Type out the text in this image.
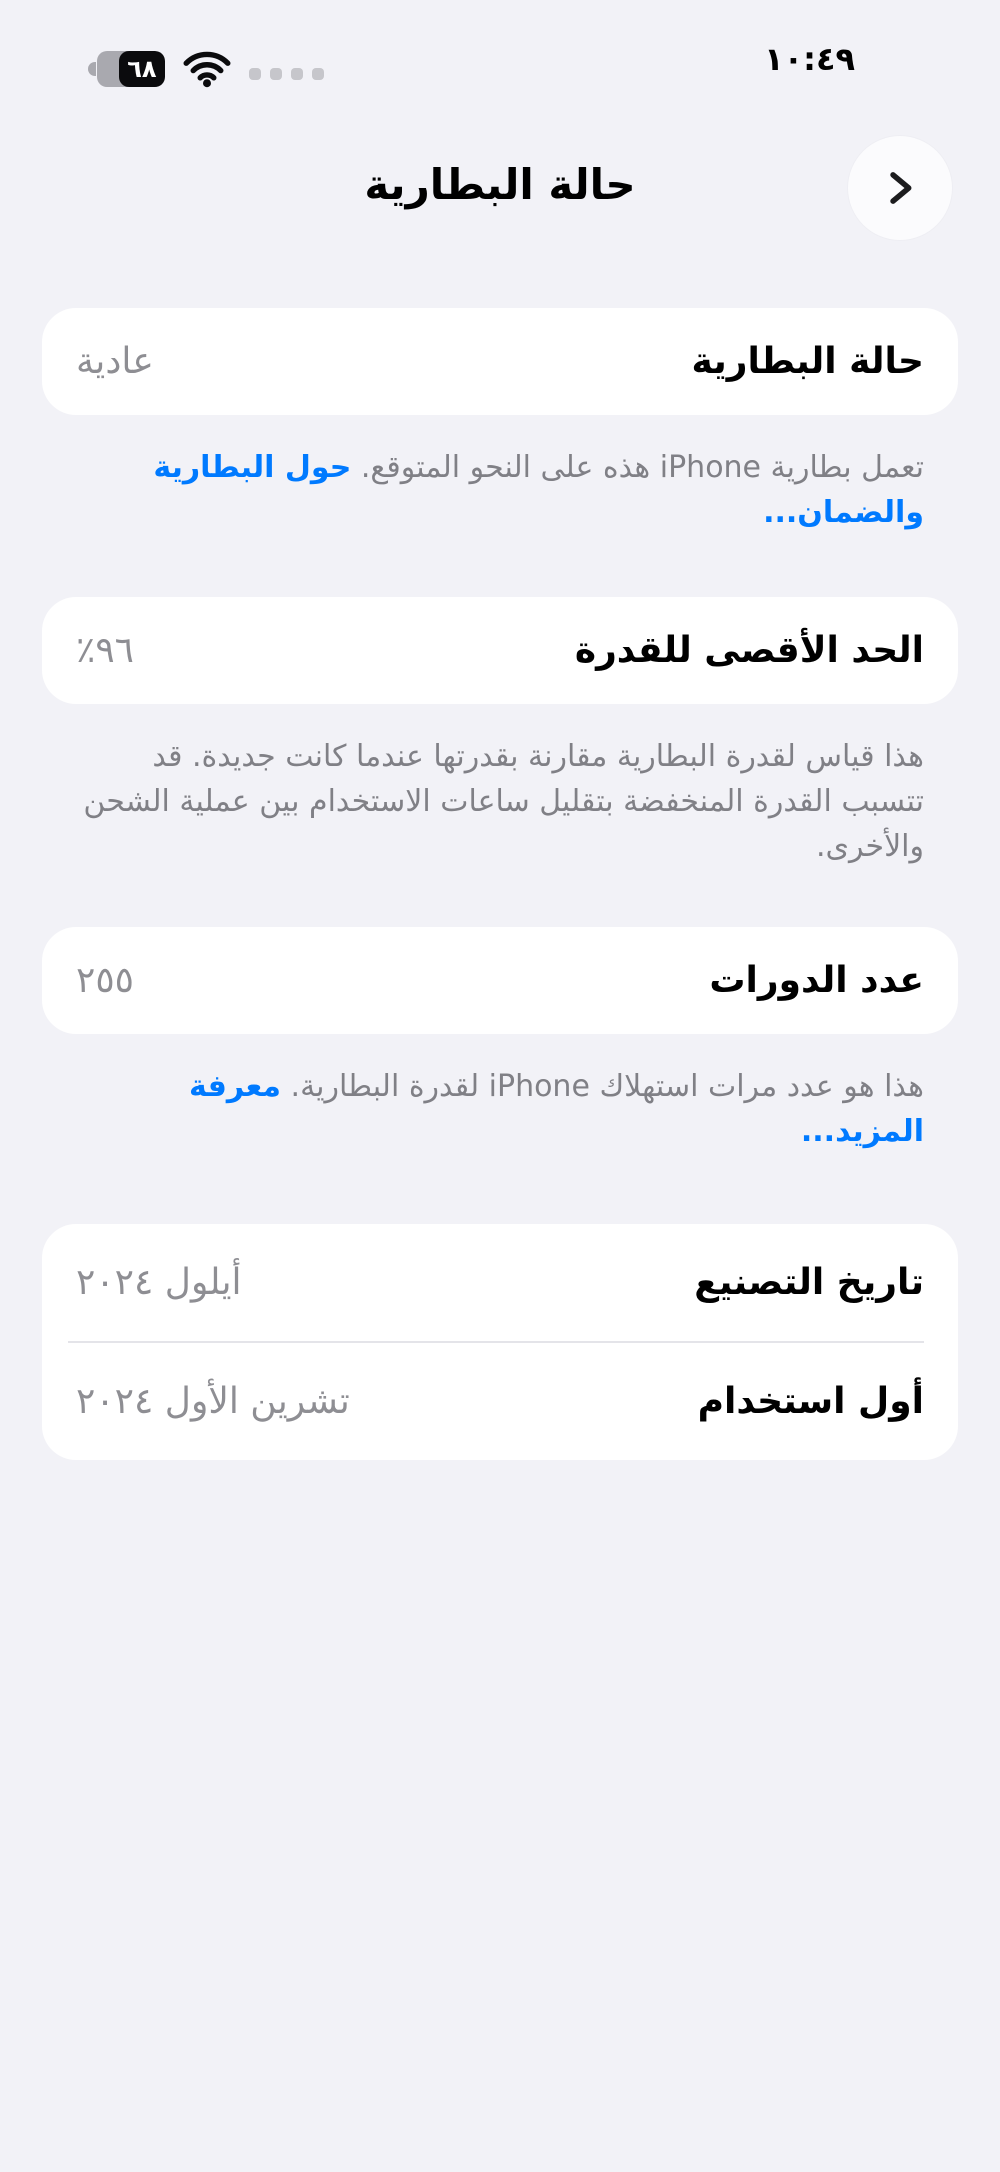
١٠:٤٩
٦٨
حالة البطارية
حالة البطارية
عادية
تعمل بطارية iPhone هذه على النحو المتوقع. حول البطارية والضمان...
الحد الأقصى للقدرة
٩٦٪
هذا قياس لقدرة البطارية مقارنة بقدرتها عندما كانت جديدة. قد تتسبب القدرة المنخفضة بتقليل ساعات الاستخدام بين عملية الشحن والأخرى.
عدد الدورات
٢٥٥
هذا هو عدد مرات استهلاك iPhone لقدرة البطارية. معرفة المزيد...
تاريخ التصنيع
أيلول ٢٠٢٤
أول استخدام
تشرين الأول ٢٠٢٤
